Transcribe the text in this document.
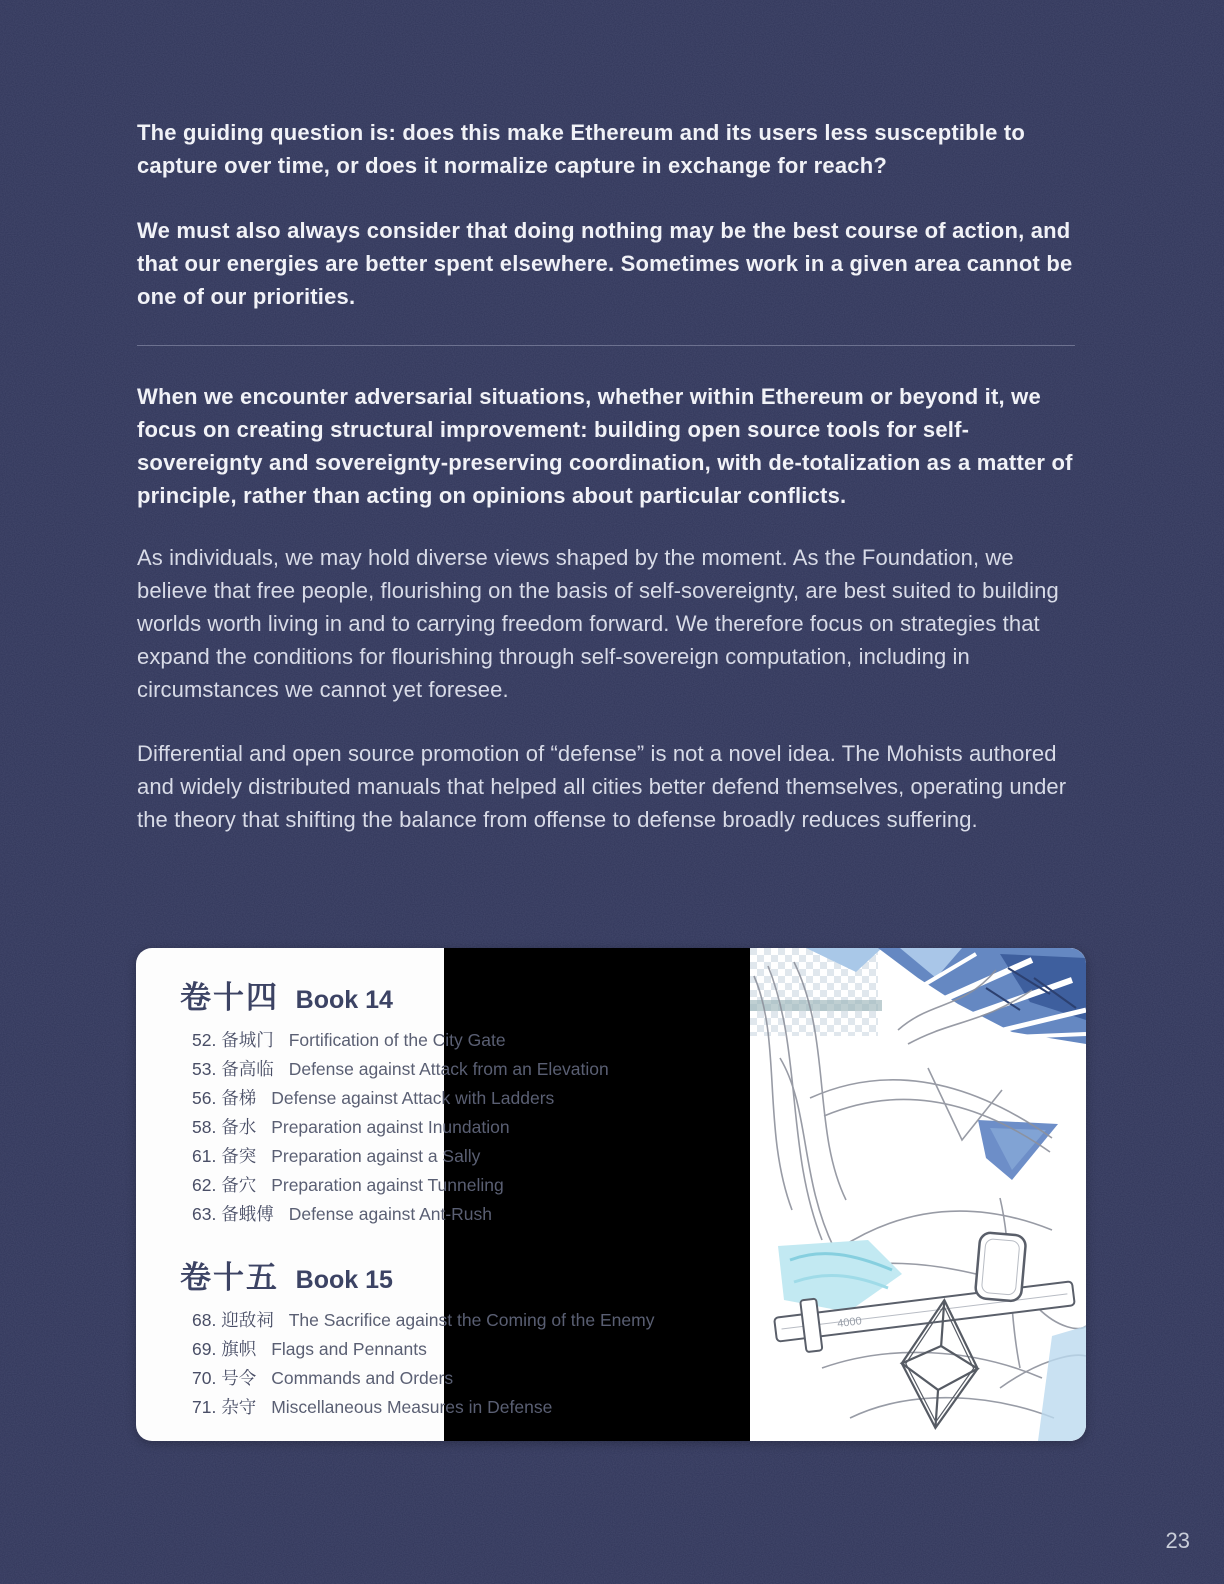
The guiding question is: does this make Ethereum and its users less susceptible to capture over time, or does it normalize capture in exchange for reach?

We must also always consider that doing nothing may be the best course of action, and that our energies are better spent elsewhere. Sometimes work in a given area cannot be one of our priorities.

When we encounter adversarial situations, whether within Ethereum or beyond it, we focus on creating structural improvement: building open source tools for self-sovereignty and sovereignty-preserving coordination, with de-totalization as a matter of principle, rather than acting on opinions about particular conflicts.

As individuals, we may hold diverse views shaped by the moment. As the Foundation, we believe that free people, flourishing on the basis of self-sovereignty, are best suited to building worlds worth living in and to carrying freedom forward. We therefore focus on strategies that expand the conditions for flourishing through self-sovereign computation, including in circumstances we cannot yet foresee.

Differential and open source promotion of “defense” is not a novel idea. The Mohists authored and widely distributed manuals that helped all cities better defend themselves, operating under the theory that shifting the balance from offense to defense broadly reduces suffering.

4000
卷十四 Book 14
52.
备城门 Fortification of the City Gate
53.
备高临 Defense against Attack from an Elevation
56.
备梯 Defense against Attack with Ladders
58.
备水 Preparation against Inundation
61.
备突 Preparation against a Sally
62.
备穴 Preparation against Tunneling
63.
备蛾傅 Defense against Ant-Rush
卷十五 Book 15
68.
迎敌祠 The Sacrifice against the Coming of the Enemy
69.
旗帜 Flags and Pennants
70.
号令 Commands and Orders
71.
杂守 Miscellaneous Measures in Defense
23
